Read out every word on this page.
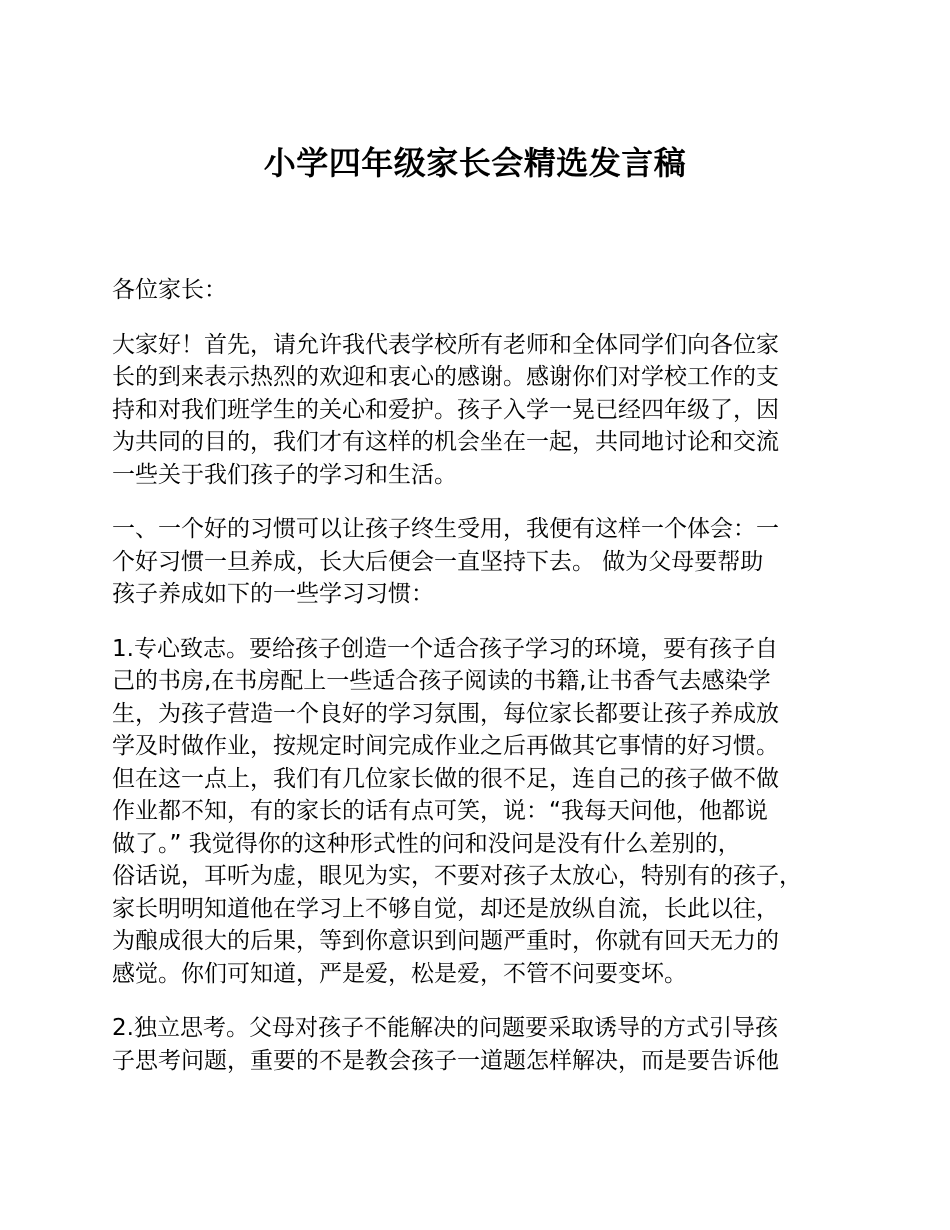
小学四年级家长会精选发言稿

各位家长：

大家好！首先，请允许我代表学校所有老师和全体同学们向各位家
长的到来表示热烈的欢迎和衷心的感谢。感谢你们对学校工作的支
持和对我们班学生的关心和爱护。孩子入学一晃已经四年级了，因
为共同的目的，我们才有这样的机会坐在一起，共同地讨论和交流
一些关于我们孩子的学习和生活。

一、一个好的习惯可以让孩子终生受用，我便有这样一个体会：一
个好习惯一旦养成，长大后便会一直坚持下去。 做为父母要帮助
孩子养成如下的一些学习习惯：

1.专心致志。要给孩子创造一个适合孩子学习的环境，要有孩子自
己的书房,在书房配上一些适合孩子阅读的书籍,让书香气去感染学
生，为孩子营造一个良好的学习氛围，每位家长都要让孩子养成放
学及时做作业，按规定时间完成作业之后再做其它事情的好习惯。
但在这一点上，我们有几位家长做的很不足，连自己的孩子做不做
作业都不知，有的家长的话有点可笑，说：“我每天问他，他都说
做了。” 我觉得你的这种形式性的问和没问是没有什么差别的，
俗话说，耳听为虚，眼见为实，不要对孩子太放心，特别有的孩子，
家长明明知道他在学习上不够自觉，却还是放纵自流，长此以往，
为酿成很大的后果，等到你意识到问题严重时，你就有回天无力的
感觉。你们可知道，严是爱，松是爱，不管不问要变坏。

2.独立思考。父母对孩子不能解决的问题要采取诱导的方式引导孩
子思考问题，重要的不是教会孩子一道题怎样解决，而是要告诉他
